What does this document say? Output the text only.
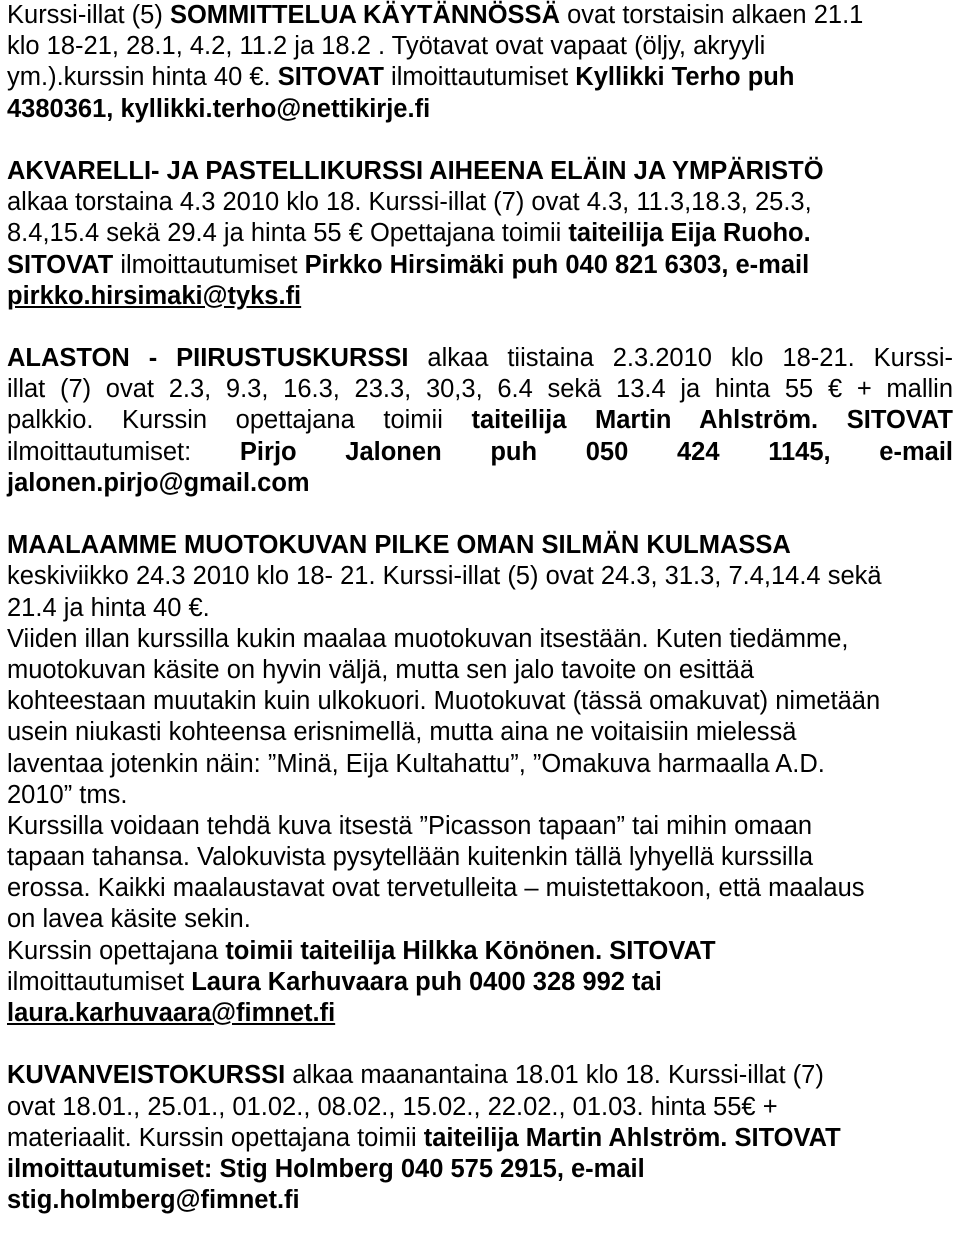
Kurssi-illat (5) SOMMITTELUA KÄYTÄNNÖSSÄ ovat torstaisin alkaen 21.1
klo 18-21, 28.1, 4.2, 11.2 ja 18.2 . Työtavat ovat vapaat (öljy, akryyli
ym.).kurssin hinta 40 €. SITOVAT ilmoittautumiset Kyllikki Terho puh
4380361, kyllikki.terho@nettikirje.fi
AKVARELLI- JA PASTELLIKURSSI AIHEENA ELÄIN JA YMPÄRISTÖ
alkaa torstaina 4.3 2010 klo 18. Kurssi-illat (7) ovat 4.3, 11.3,18.3, 25.3,
8.4,15.4 sekä 29.4 ja hinta 55 € Opettajana toimii taiteilija Eija Ruoho.
SITOVAT ilmoittautumiset Pirkko Hirsimäki puh 040 821 6303, e-mail
pirkko.hirsimaki@tyks.fi
ALASTON - PIIRUSTUSKURSSI alkaa tiistaina 2.3.2010 klo 18-21. Kurssi-
illat (7) ovat 2.3, 9.3, 16.3, 23.3, 30,3, 6.4 sekä 13.4 ja hinta 55 € + mallin
palkkio. Kurssin opettajana toimii taiteilija Martin Ahlström. SITOVAT
ilmoittautumiset: Pirjo Jalonen puh 050 424 1145, e-mail
jalonen.pirjo@gmail.com
MAALAAMME MUOTOKUVAN PILKE OMAN SILMÄN KULMASSA
keskiviikko 24.3 2010 klo 18- 21. Kurssi-illat (5) ovat 24.3, 31.3, 7.4,14.4 sekä
21.4 ja hinta 40 €.
Viiden illan kurssilla kukin maalaa muotokuvan itsestään. Kuten tiedämme,
muotokuvan käsite on hyvin väljä, mutta sen jalo tavoite on esittää
kohteestaan muutakin kuin ulkokuori. Muotokuvat (tässä omakuvat) nimetään
usein niukasti kohteensa erisnimellä, mutta aina ne voitaisiin mielessä
laventaa jotenkin näin: ”Minä, Eija Kultahattu”, ”Omakuva harmaalla A.D.
2010” tms.
Kurssilla voidaan tehdä kuva itsestä ”Picasson tapaan” tai mihin omaan
tapaan tahansa. Valokuvista pysytellään kuitenkin tällä lyhyellä kurssilla
erossa. Kaikki maalaustavat ovat tervetulleita – muistettakoon, että maalaus
on lavea käsite sekin.
Kurssin opettajana toimii taiteilija Hilkka Könönen. SITOVAT
ilmoittautumiset Laura Karhuvaara puh 0400 328 992 tai
laura.karhuvaara@fimnet.fi
KUVANVEISTOKURSSI alkaa maanantaina 18.01 klo 18. Kurssi-illat (7)
ovat 18.01., 25.01., 01.02., 08.02., 15.02., 22.02., 01.03. hinta 55€ +
materiaalit. Kurssin opettajana toimii taiteilija Martin Ahlström. SITOVAT
ilmoittautumiset: Stig Holmberg 040 575 2915, e-mail
stig.holmberg@fimnet.fi
